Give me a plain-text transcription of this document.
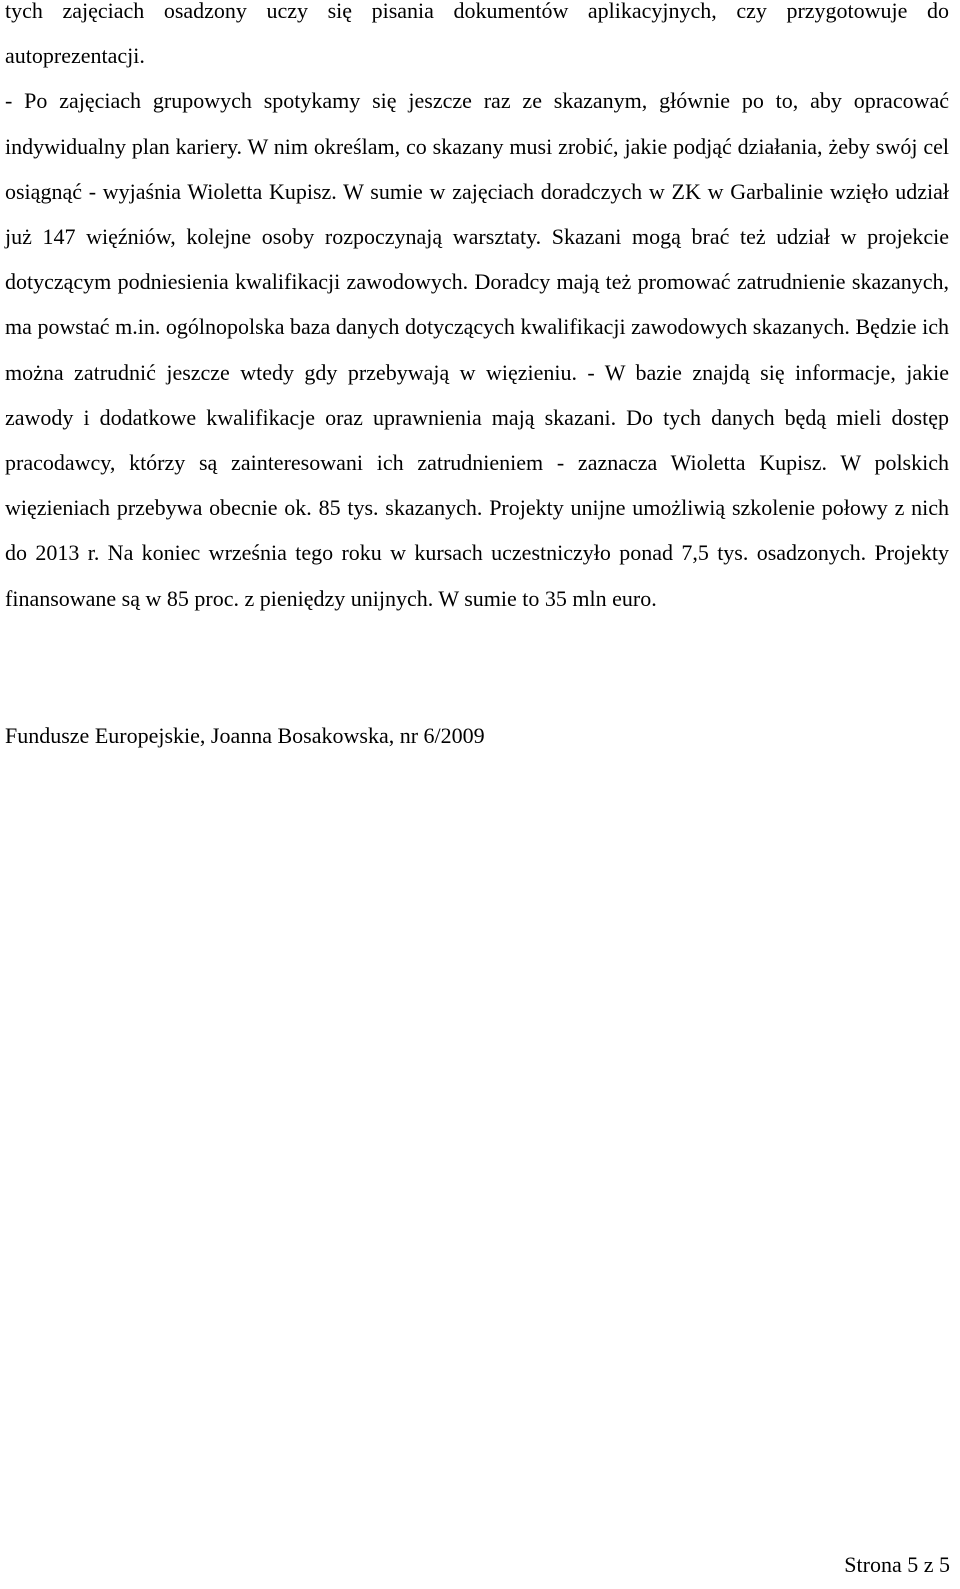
tych zajęciach osadzony uczy się pisania dokumentów aplikacyjnych, czy przygotowuje do autoprezentacji.
- Po zajęciach grupowych spotykamy się jeszcze raz ze skazanym, głównie po to, aby opracować indywidualny plan kariery. W nim określam, co skazany musi zrobić, jakie podjąć działania, żeby swój cel osiągnąć - wyjaśnia Wioletta Kupisz. W sumie w zajęciach doradczych w ZK w Garbalinie wzięło udział już 147 więźniów, kolejne osoby rozpoczynają warsztaty. Skazani mogą brać też udział w projekcie dotyczącym podniesienia kwalifikacji zawodowych. Doradcy mają też promować zatrudnienie skazanych, ma powstać m.in. ogólnopolska baza danych dotyczących kwalifikacji zawodowych skazanych. Będzie ich można zatrudnić jeszcze wtedy gdy przebywają w więzieniu. - W bazie znajdą się informacje, jakie zawody i dodatkowe kwalifikacje oraz uprawnienia mają skazani. Do tych danych będą mieli dostęp pracodawcy, którzy są zainteresowani ich zatrudnieniem - zaznacza Wioletta Kupisz. W polskich więzieniach przebywa obecnie ok. 85 tys. skazanych. Projekty unijne umożliwią szkolenie połowy z nich do 2013 r. Na koniec września tego roku w kursach uczestniczyło ponad 7,5 tys. osadzonych. Projekty finansowane są w 85 proc. z pieniędzy unijnych. W sumie to 35 mln euro.

Fundusze Europejskie, Joanna Bosakowska, nr 6/2009

Strona 5 z 5
